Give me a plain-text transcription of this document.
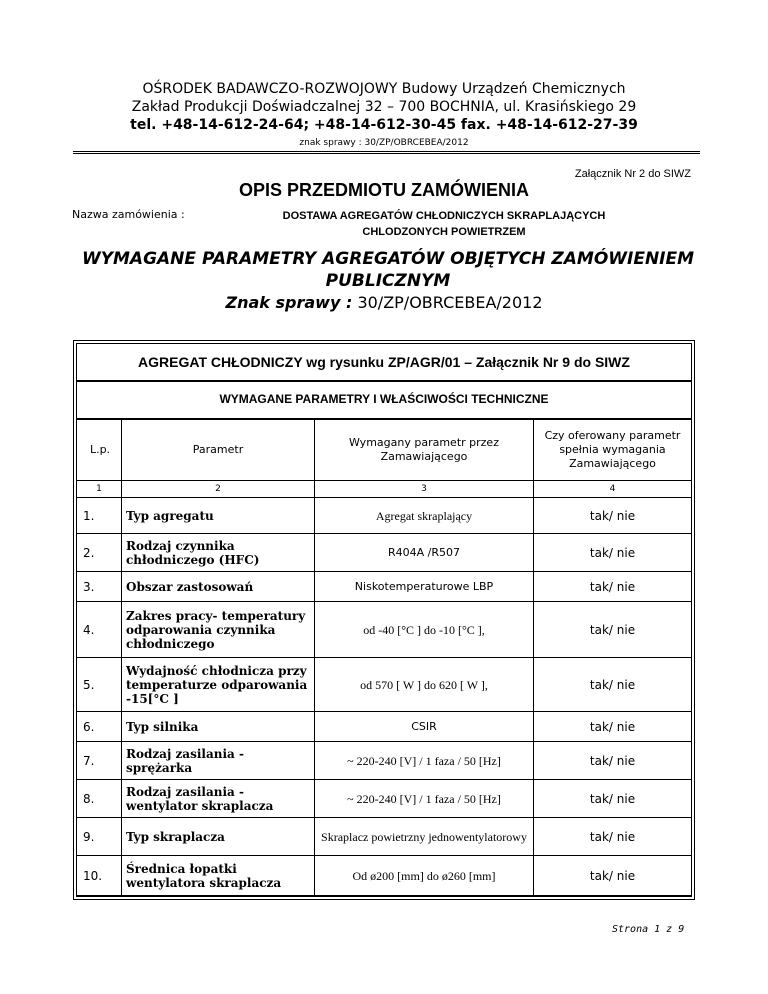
OŚRODEK BADAWCZO-ROZWOJOWY Budowy Urządzeń Chemicznych
Zakład Produkcji Doświadczalnej 32 – 700 BOCHNIA, ul. Krasińskiego 29
tel. +48-14-612-24-64; +48-14-612-30-45 fax. +48-14-612-27-39
znak sprawy : 30/ZP/OBRCEBEA/2012
Załącznik Nr 2 do SIWZ
OPIS PRZEDMIOTU ZAMÓWIENIA
Nazwa zamówienia :	DOSTAWA AGREGATÓW CHŁODNICZYCH SKRAPLAJĄCYCH CHLODZONYCH POWIETRZEM
WYMAGANE PARAMETRY AGREGATÓW OBJĘTYCH ZAMÓWIENIEM PUBLICZNYM
Znak sprawy : 30/ZP/OBRCEBEA/2012
AGREGAT CHŁODNICZY wg rysunku ZP/AGR/01 – Załącznik Nr 9 do SIWZ
WYMAGANE PARAMETRY I WŁAŚCIWOŚCI TECHNICZNE
L.p.	Parametr	Wymagany parametr przez Zamawiającego	Czy oferowany parametr spełnia wymagania Zamawiającego
1	2	3	4
1.	Typ agregatu	Agregat skraplający	tak/ nie
2.	Rodzaj czynnika chłodniczego (HFC)	R404A /R507	tak/ nie
3.	Obszar zastosowań	Niskotemperaturowe LBP	tak/ nie
4.	Zakres pracy- temperatury odparowania czynnika chłodniczego	od -40 [°C ] do -10 [°C ],	tak/ nie
5.	Wydajność chłodnicza przy temperaturze odparowania -15[°C ]	od 570 [ W ] do 620 [ W ],	tak/ nie
6.	Typ silnika	CSIR	tak/ nie
7.	Rodzaj zasilania - sprężarka	~ 220-240 [V] / 1 faza / 50 [Hz]	tak/ nie
8.	Rodzaj zasilania - wentylator skraplacza	~ 220-240 [V] / 1 faza / 50 [Hz]	tak/ nie
9.	Typ skraplacza	Skraplacz powietrzny jednowentylatorowy	tak/ nie
10.	Średnica łopatki wentylatora skraplacza	Od ø200 [mm] do ø260 [mm]	tak/ nie
Strona 1 z 9
